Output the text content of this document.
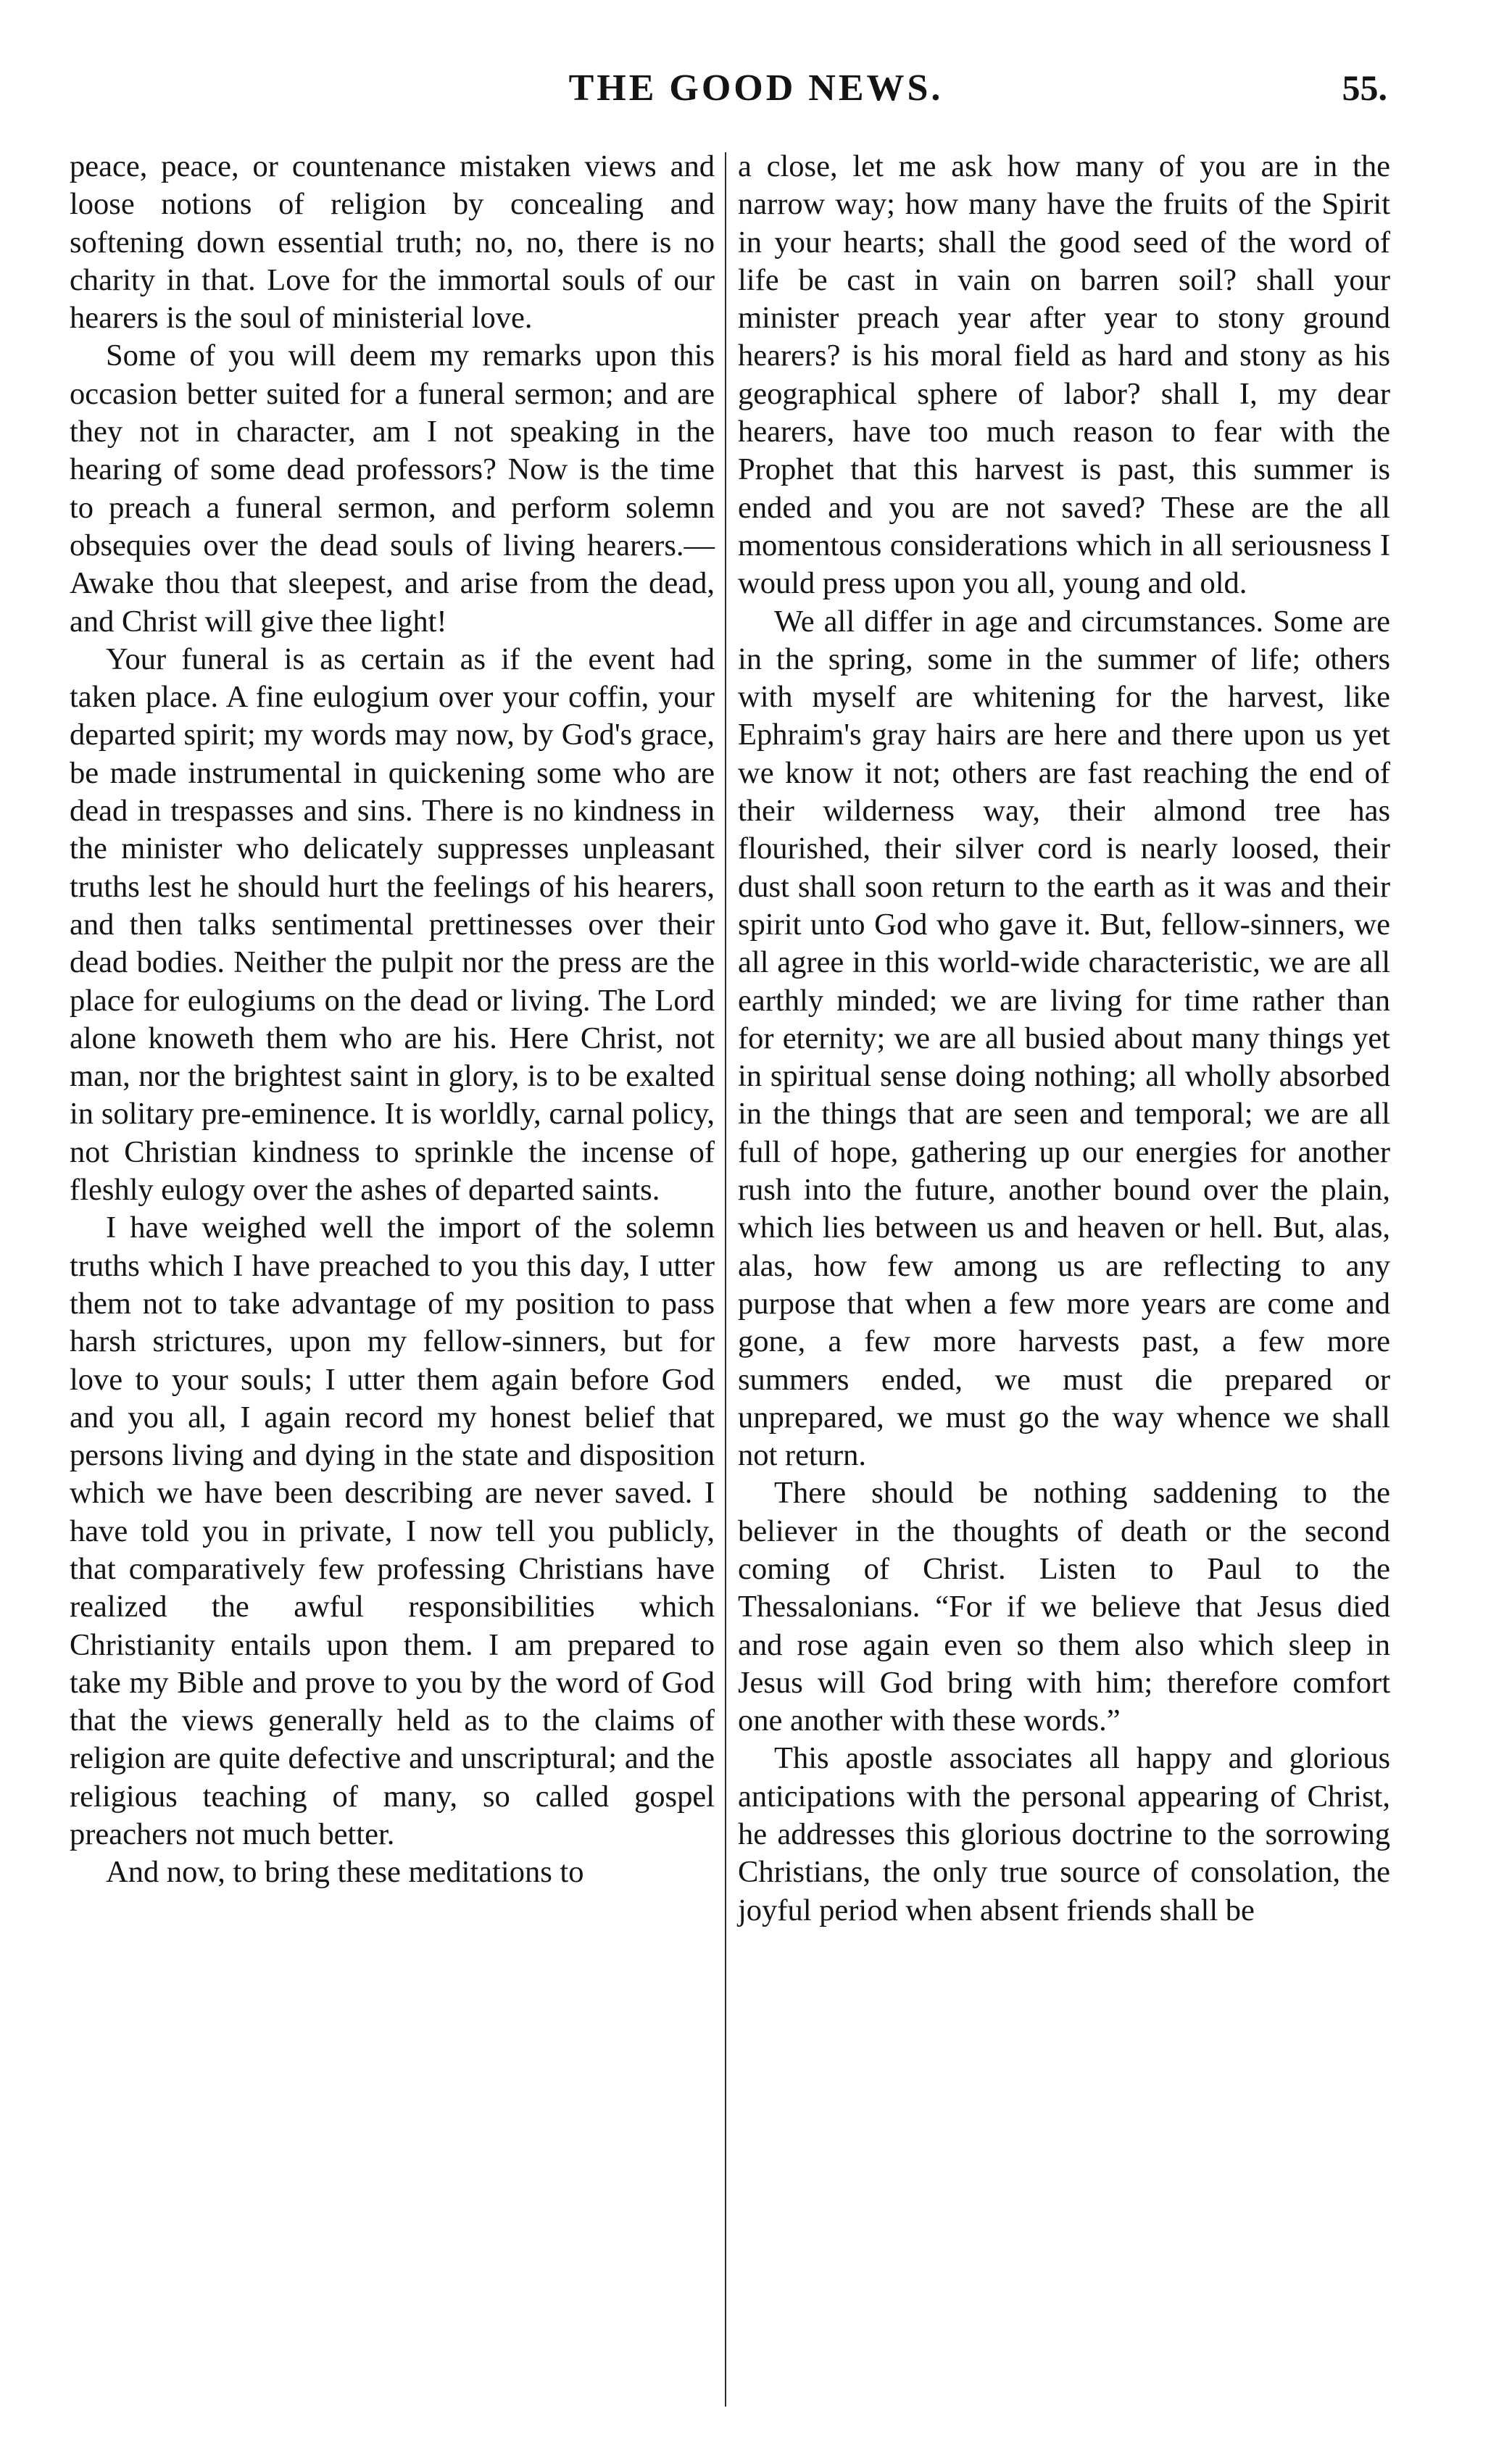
THE GOOD NEWS.	55.

peace, peace, or countenance mistaken views and loose notions of religion by concealing and softening down essential truth; no, no, there is no charity in that. Love for the immortal souls of our hearers is the soul of ministerial love.

Some of you will deem my remarks upon this occasion better suited for a funeral sermon; and are they not in character, am I not speaking in the hearing of some dead professors? Now is the time to preach a funeral sermon, and perform solemn obsequies over the dead souls of living hearers.—Awake thou that sleepest, and arise from the dead, and Christ will give thee light!

Your funeral is as certain as if the event had taken place. A fine eulogium over your coffin, your departed spirit; my words may now, by God's grace, be made instrumental in quickening some who are dead in trespasses and sins. There is no kindness in the minister who delicately suppresses unpleasant truths lest he should hurt the feelings of his hearers, and then talks sentimental prettinesses over their dead bodies. Neither the pulpit nor the press are the place for eulogiums on the dead or living. The Lord alone knoweth them who are his. Here Christ, not man, nor the brightest saint in glory, is to be exalted in solitary pre-eminence. It is worldly, carnal policy, not Christian kindness to sprinkle the incense of fleshly eulogy over the ashes of departed saints.

I have weighed well the import of the solemn truths which I have preached to you this day, I utter them not to take advantage of my position to pass harsh strictures, upon my fellow-sinners, but for love to your souls; I utter them again before God and you all, I again record my honest belief that persons living and dying in the state and disposition which we have been describing are never saved. I have told you in private, I now tell you publicly, that comparatively few professing Christians have realized the awful responsibilities which Christianity entails upon them. I am prepared to take my Bible and prove to you by the word of God that the views generally held as to the claims of religion are quite defective and unscriptural; and the religious teaching of many, so called gospel preachers not much better.

And now, to bring these meditations to

a close, let me ask how many of you are in the narrow way; how many have the fruits of the Spirit in your hearts; shall the good seed of the word of life be cast in vain on barren soil? shall your minister preach year after year to stony ground hearers? is his moral field as hard and stony as his geographical sphere of labor? shall I, my dear hearers, have too much reason to fear with the Prophet that this harvest is past, this summer is ended and you are not saved? These are the all momentous considerations which in all seriousness I would press upon you all, young and old.

We all differ in age and circumstances. Some are in the spring, some in the summer of life; others with myself are whitening for the harvest, like Ephraim's gray hairs are here and there upon us yet we know it not; others are fast reaching the end of their wilderness way, their almond tree has flourished, their silver cord is nearly loosed, their dust shall soon return to the earth as it was and their spirit unto God who gave it. But, fellow-sinners, we all agree in this world-wide characteristic, we are all earthly minded; we are living for time rather than for eternity; we are all busied about many things yet in spiritual sense doing nothing; all wholly absorbed in the things that are seen and temporal; we are all full of hope, gathering up our energies for another rush into the future, another bound over the plain, which lies between us and heaven or hell. But, alas, alas, how few among us are reflecting to any purpose that when a few more years are come and gone, a few more harvests past, a few more summers ended, we must die prepared or unprepared, we must go the way whence we shall not return.

There should be nothing saddening to the believer in the thoughts of death or the second coming of Christ. Listen to Paul to the Thessalonians. “For if we believe that Jesus died and rose again even so them also which sleep in Jesus will God bring with him; therefore comfort one another with these words.”

This apostle associates all happy and glorious anticipations with the personal appearing of Christ, he addresses this glorious doctrine to the sorrowing Christians, the only true source of consolation, the joyful period when absent friends shall be
